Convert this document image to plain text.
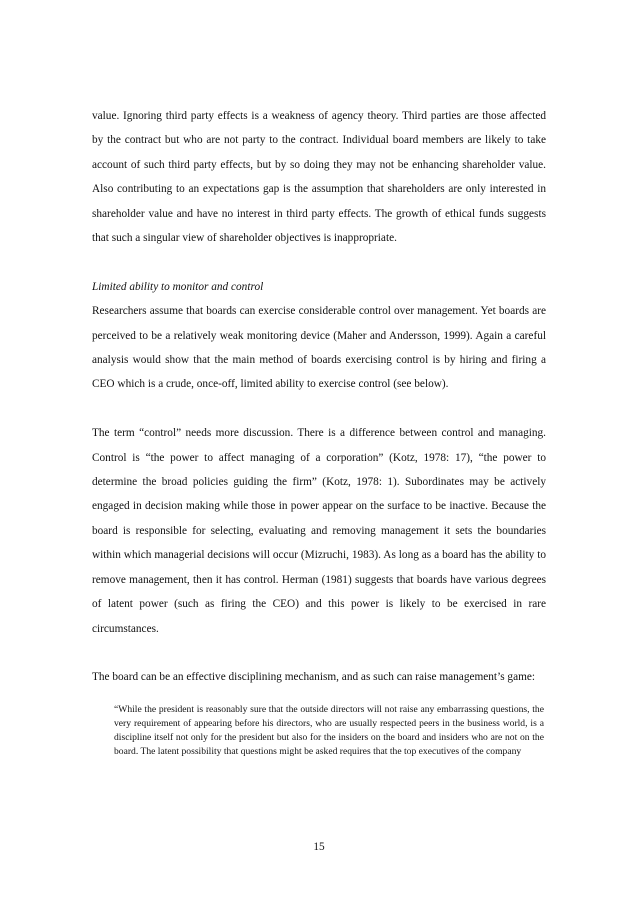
value. Ignoring third party effects is a weakness of agency theory. Third parties are those affected by the contract but who are not party to the contract. Individual board members are likely to take account of such third party effects, but by so doing they may not be enhancing shareholder value. Also contributing to an expectations gap is the assumption that shareholders are only interested in shareholder value and have no interest in third party effects. The growth of ethical funds suggests that such a singular view of shareholder objectives is inappropriate.

Limited ability to monitor and control

Researchers assume that boards can exercise considerable control over management. Yet boards are perceived to be a relatively weak monitoring device (Maher and Andersson, 1999). Again a careful analysis would show that the main method of boards exercising control is by hiring and firing a CEO which is a crude, once-off, limited ability to exercise control (see below).

The term “control” needs more discussion. There is a difference between control and managing. Control is “the power to affect managing of a corporation” (Kotz, 1978: 17), “the power to determine the broad policies guiding the firm” (Kotz, 1978: 1). Subordinates may be actively engaged in decision making while those in power appear on the surface to be inactive. Because the board is responsible for selecting, evaluating and removing management it sets the boundaries within which managerial decisions will occur (Mizruchi, 1983). As long as a board has the ability to remove management, then it has control. Herman (1981) suggests that boards have various degrees of latent power (such as firing the CEO) and this power is likely to be exercised in rare circumstances.

The board can be an effective disciplining mechanism, and as such can raise management’s game:

“While the president is reasonably sure that the outside directors will not raise any embarrassing questions, the very requirement of appearing before his directors, who are usually respected peers in the business world, is a discipline itself not only for the president but also for the insiders on the board and insiders who are not on the board. The latent possibility that questions might be asked requires that the top executives of the company

15
